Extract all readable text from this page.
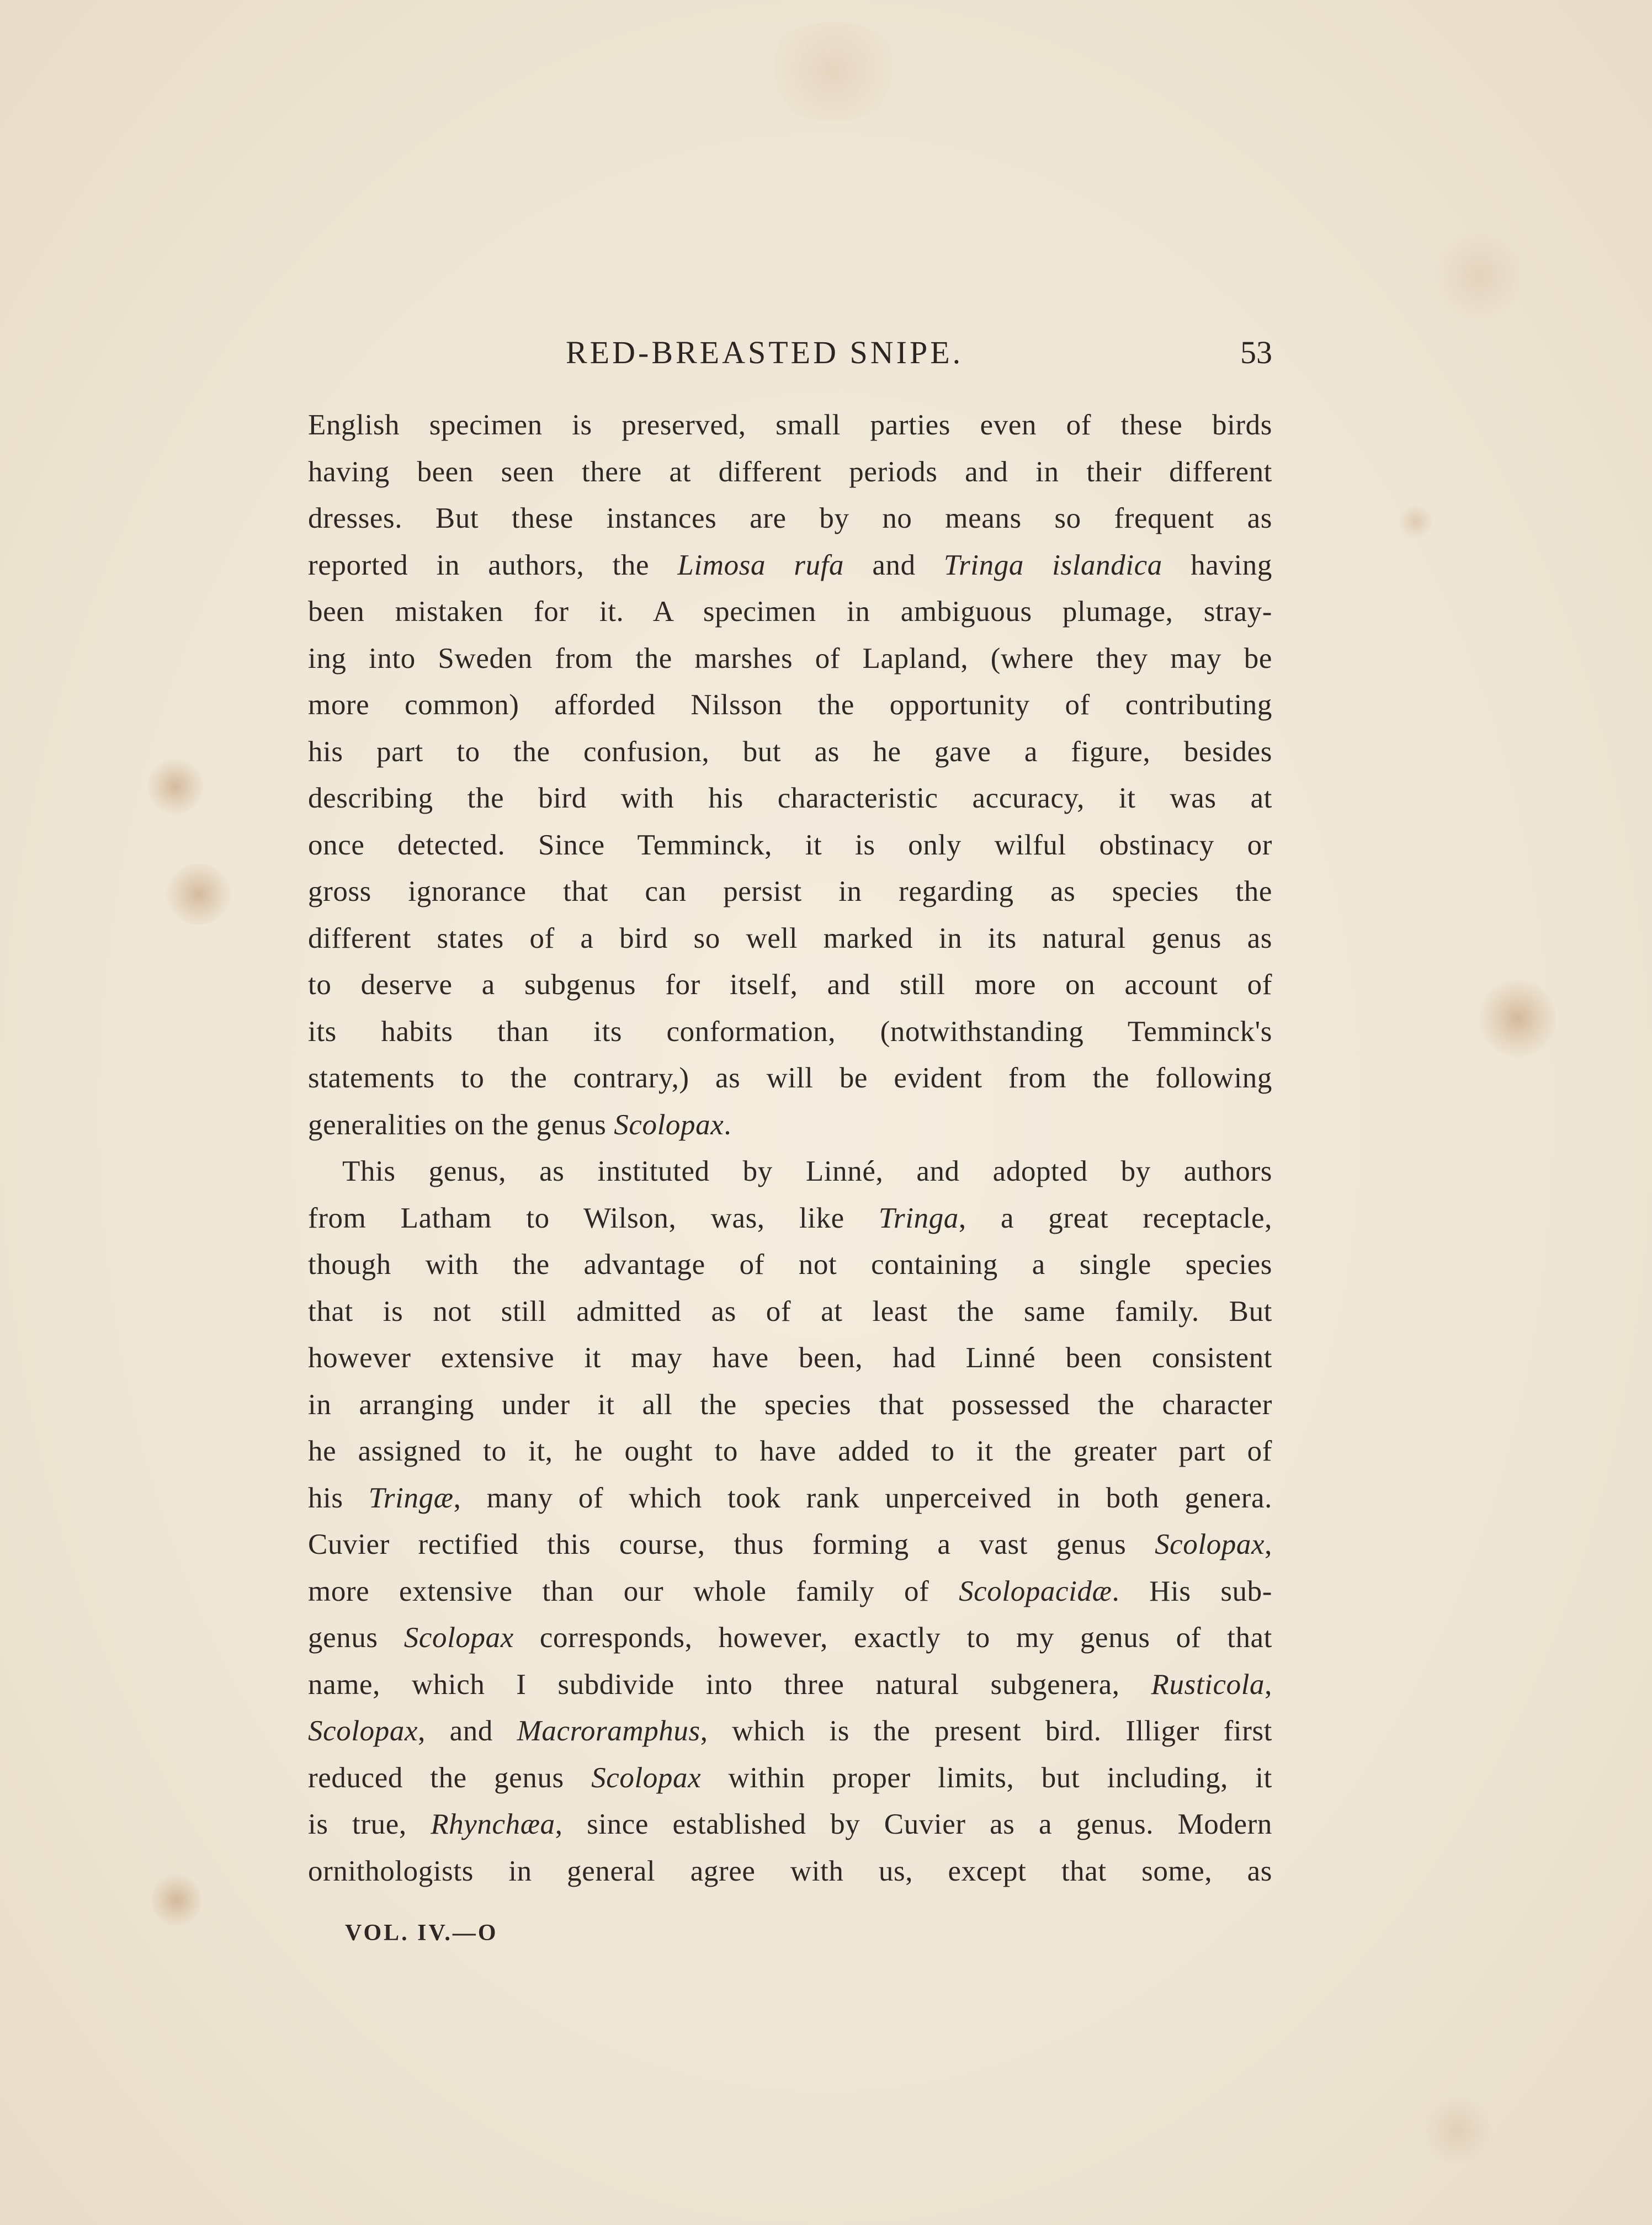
RED-BREASTED SNIPE.	53
English specimen is preserved, small parties even of these birds
having been seen there at different periods and in their different
dresses. But these instances are by no means so frequent as
reported in authors, the Limosa rufa and Tringa islandica having
been mistaken for it. A specimen in ambiguous plumage, stray-
ing into Sweden from the marshes of Lapland, (where they may be
more common) afforded Nilsson the opportunity of contributing
his part to the confusion, but as he gave a figure, besides
describing the bird with his characteristic accuracy, it was at
once detected. Since Temminck, it is only wilful obstinacy or
gross ignorance that can persist in regarding as species the
different states of a bird so well marked in its natural genus as
to deserve a subgenus for itself, and still more on account of
its habits than its conformation, (notwithstanding Temminck's
statements to the contrary,) as will be evident from the following
generalities on the genus Scolopax.
This genus, as instituted by Linné, and adopted by authors
from Latham to Wilson, was, like Tringa, a great receptacle,
though with the advantage of not containing a single species
that is not still admitted as of at least the same family. But
however extensive it may have been, had Linné been consistent
in arranging under it all the species that possessed the character
he assigned to it, he ought to have added to it the greater part of
his Tringæ, many of which took rank unperceived in both genera.
Cuvier rectified this course, thus forming a vast genus Scolopax,
more extensive than our whole family of Scolopacidæ. His sub-
genus Scolopax corresponds, however, exactly to my genus of that
name, which I subdivide into three natural subgenera, Rusticola,
Scolopax, and Macroramphus, which is the present bird. Illiger first
reduced the genus Scolopax within proper limits, but including, it
is true, Rhynchæa, since established by Cuvier as a genus. Modern
ornithologists in general agree with us, except that some, as
VOL. IV.—O
